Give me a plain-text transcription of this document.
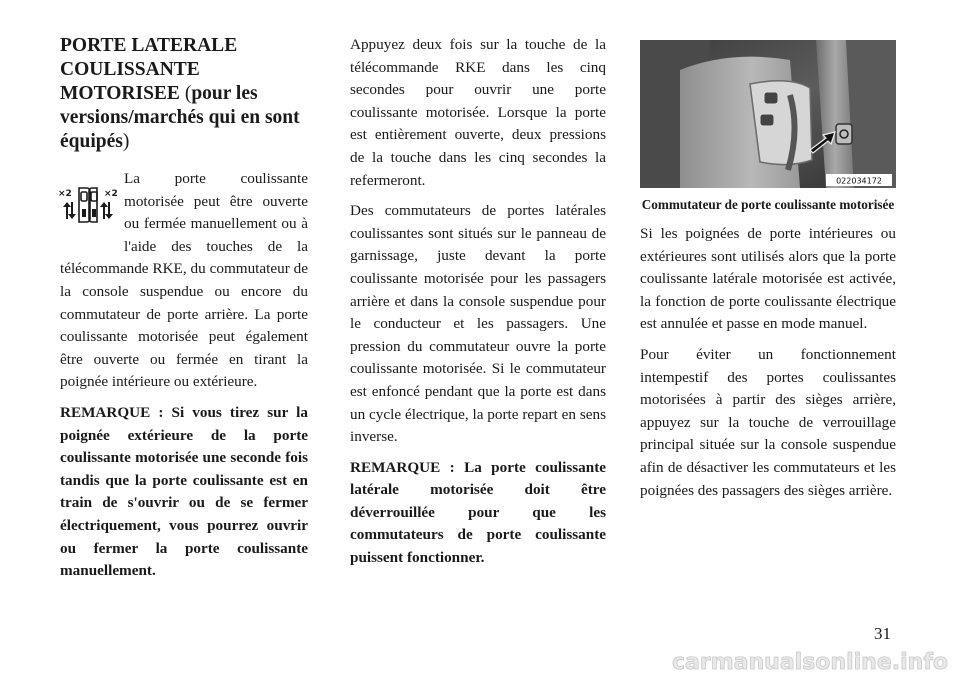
PORTE LATERALE COULISSANTE MOTORISEE (pour les versions/marchés qui en sont équipés)
×2	×2

La porte coulissante motorisée peut être ouverte ou fermée manuellement ou à l'aide des touches de la télécommande RKE, du commutateur de la console suspendue ou encore du commutateur de porte arrière. La porte coulissante motorisée peut également être ouverte ou fermée en tirant la poignée intérieure ou extérieure.

REMARQUE : Si vous tirez sur la poignée extérieure de la porte coulissante motorisée une seconde fois tandis que la porte coulissante est en train de s'ouvrir ou de se fermer électriquement, vous pourrez ouvrir ou fermer la porte coulissante manuellement.

Appuyez deux fois sur la touche de la télécommande RKE dans les cinq secondes pour ouvrir une porte coulissante motorisée. Lorsque la porte est entièrement ouverte, deux pressions de la touche dans les cinq secondes la refermeront.

Des commutateurs de portes latérales coulissantes sont situés sur le panneau de garnissage, juste devant la porte coulissante motorisée pour les passagers arrière et dans la console suspendue pour le conducteur et les passagers. Une pression du commutateur ouvre la porte coulissante motorisée. Si le commutateur est enfoncé pendant que la porte est dans un cycle électrique, la porte repart en sens inverse.

REMARQUE : La porte coulissante latérale motorisée doit être déverrouillée pour que les commutateurs de porte coulissante puissent fonctionner.

022034172
Commutateur de porte coulissante motorisée

Si les poignées de porte intérieures ou extérieures sont utilisés alors que la porte coulissante latérale motorisée est activée, la fonction de porte coulissante électrique est annulée et passe en mode manuel.

Pour éviter un fonctionnement intempestif des portes coulissantes motorisées à partir des sièges arrière, appuyez sur la touche de verrouillage principal située sur la console suspendue afin de désactiver les commutateurs et les poignées des passagers des sièges arrière.

31
carmanualsonline.info
